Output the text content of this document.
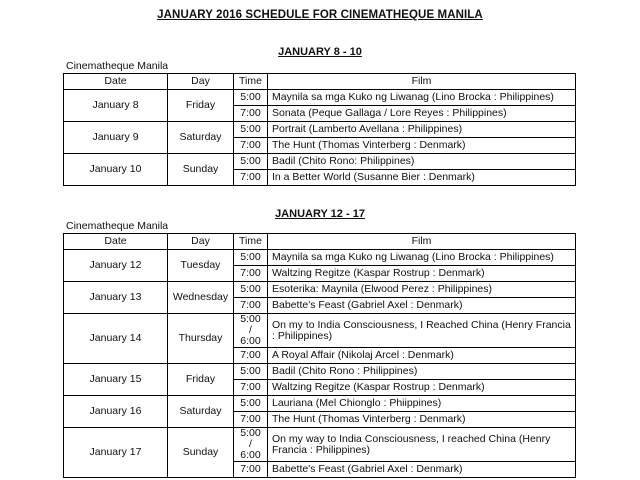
JANUARY 2016 SCHEDULE FOR CINEMATHEQUE MANILA
JANUARY 8 - 10
Cinematheque Manila
Date	Day	Time	Film
January 8	Friday	5:00	Maynila sa mga Kuko ng Liwanag (Lino Brocka : Philippines)
		7:00	Sonata (Peque Gallaga / Lore Reyes : Philippines)
January 9	Saturday	5:00	Portrait (Lamberto Avellana : Philippines)
		7:00	The Hunt (Thomas Vinterberg : Denmark)
January 10	Sunday	5:00	Badil (Chito Rono: Philippines)
		7:00	In a Better World (Susanne Bier : Denmark)
JANUARY 12 - 17
Cinematheque Manila
Date	Day	Time	Film
January 12	Tuesday	5:00	Maynila sa mga Kuko ng Liwanag (Lino Brocka : Philippines)
		7:00	Waltzing Regitze (Kaspar Rostrup : Denmark)
January 13	Wednesday	5:00	Esoterika: Maynila (Elwood Perez : Philippines)
		7:00	Babette's Feast (Gabriel Axel : Denmark)
January 14	Thursday	5:00 / 6:00	On my to India Consciousness, I Reached China (Henry Francia : Philippines)
		7:00	A Royal Affair (Nikolaj Arcel : Denmark)
January 15	Friday	5:00	Badil (Chito Rono : Philippines)
		7:00	Waltzing Regitze (Kaspar Rostrup : Denmark)
January 16	Saturday	5:00	Lauriana (Mel Chionglo : Phiippines)
		7:00	The Hunt (Thomas Vinterberg : Denmark)
January 17	Sunday	5:00 / 6:00	On my way to India Consciousness, I reached China (Henry Francia : Philippines)
		7:00	Babette's Feast (Gabriel Axel : Denmark)
